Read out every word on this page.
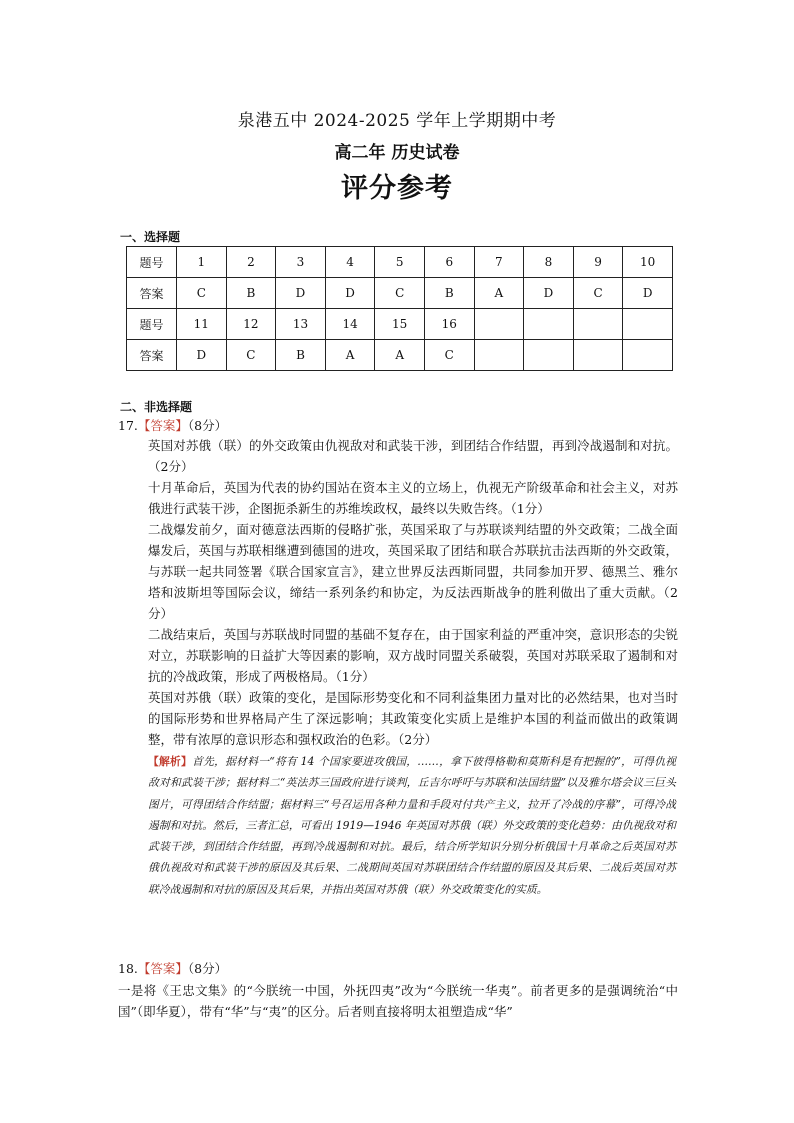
泉港五中 2024-2025 学年上学期期中考
高二年 历史试卷
评分参考
一、选择题
题号	1	2	3	4	5	6	7	8	9	10
答案	C	B	D	D	C	B	A	D	C	D
题号	11	12	13	14	15	16				
答案	D	C	B	A	A	C				
二、非选择题
17.【答案】（8分）

英国对苏俄（联）的外交政策由仇视敌对和武装干涉，到团结合作结盟，再到冷战遏制和对抗。（2分）

十月革命后，英国为代表的协约国站在资本主义的立场上，仇视无产阶级革命和社会主义，对苏俄进行武装干涉，企图扼杀新生的苏维埃政权，最终以失败告终。（1分）

二战爆发前夕，面对德意法西斯的侵略扩张，英国采取了与苏联谈判结盟的外交政策；二战全面爆发后，英国与苏联相继遭到德国的进攻，英国采取了团结和联合苏联抗击法西斯的外交政策，与苏联一起共同签署《联合国家宣言》，建立世界反法西斯同盟，共同参加开罗、德黑兰、雅尔塔和波斯坦等国际会议，缔结一系列条约和协定，为反法西斯战争的胜利做出了重大贡献。（2分）

二战结束后，英国与苏联战时同盟的基础不复存在，由于国家利益的严重冲突，意识形态的尖锐对立，苏联影响的日益扩大等因素的影响，双方战时同盟关系破裂，英国对苏联采取了遏制和对抗的冷战政策，形成了两极格局。（1分）

英国对苏俄（联）政策的变化，是国际形势变化和不同利益集团力量对比的必然结果，也对当时的国际形势和世界格局产生了深远影响；其政策变化实质上是维护本国的利益而做出的政策调整，带有浓厚的意识形态和强权政治的色彩。（2分）

【解析】首先，据材料一“将有 14 个国家要进攻俄国，……，拿下彼得格勒和莫斯科是有把握的”，可得仇视敌对和武装干涉；据材料二“英法苏三国政府进行谈判，丘吉尔呼吁与苏联和法国结盟”以及雅尔塔会议三巨头图片，可得团结合作结盟；据材料三“号召运用各种力量和手段对付共产主义，拉开了冷战的序幕”，可得冷战遏制和对抗。然后，三者汇总，可看出 1919—1946 年英国对苏俄（联）外交政策的变化趋势：由仇视敌对和武装干涉，到团结合作结盟，再到冷战遏制和对抗。最后，结合所学知识分别分析俄国十月革命之后英国对苏俄仇视敌对和武装干涉的原因及其后果、二战期间英国对苏联团结合作结盟的原因及其后果、二战后英国对苏联冷战遏制和对抗的原因及其后果，并指出英国对苏俄（联）外交政策变化的实质。
18.【答案】（8分）
一是将《王忠文集》的“今朕统一中国，外抚四夷”改为“今朕统一华夷”。前者更多的是强调统治“中国”（即华夏），带有“华”与“夷”的区分。后者则直接将明太祖塑造成“华”
